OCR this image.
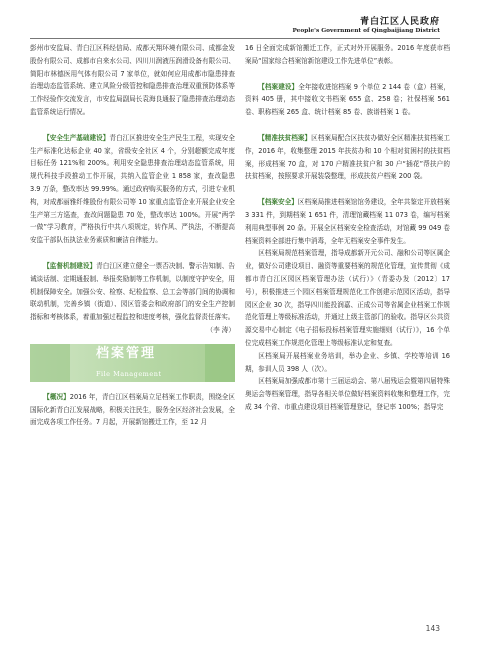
青白江区人民政府
People's Government of Qingbaijiang District

彭州市安监局、青白江区科经信局、成都天翔环境有限公司、成都金发股份有限公司、成都市自来水公司、四川川润液压润滑设备有限公司、简阳市林德医用气体有限公司 7 家单位，就如何应用成都市隐患排查治理动态监管系统、建立风险分级管控和隐患排查治理双重预防体系等工作经验作交流发言，市安监局副局长袁海良通报了隐患排查治理动态监管系统运行情况。

【安全生产基础建设】青白江区推进安全生产民生工程，实现安全生产标准化达标企业 40 家，省级安全社区 4 个，分别超额完成年度目标任务 121%和 200%。利用安全隐患排查治理动态监管系统，用规代科技手段推动工作开展，共纳入监管企业 1 858 家，查改隐患 3.9 万条，整改率达 99.99%。通过政府购买服务的方式，引进专业机构，对成都丽雅纤维股份有限公司等 10 家重点监管企业开展企业安全生产第三方巡查，查改问题隐患 70 处，整改率达 100%。开展“两学一做”学习教育，严格执行中共八项规定，转作风、严执法，不断提高安监干部队伍执法业务素质和廉洁自律能力。

【监督机制建设】青白江区建立健全一票否决制、警示告知制、告诫谈话制、定期通报制、举报奖励制等工作机制，以制度守护安全，用机制保障安全。加强公安、检察、纪检监察、总工会等部门间的协调和联动机制，完善乡镇（街道）、园区管委会和政府部门的安全生产控制指标和考核体系，着重加强过程监控和进度考核，强化监督责任落实。

（李 涛）

档案管理
File Management

【概况】2016 年，青白江区档案局立足档案工作职责，围绕全区国际化新青白江发展战略，积极关注民生，服务全区经济社会发展，全面完成各项工作任务。7 月起，开展新馆搬迁工作，至 12 月

16 日全面完成新馆搬迁工作，正式对外开展服务。2016 年度获市档案局“国家综合档案馆新馆建设工作先进单位”表彰。

【档案建设】全年接收进馆档案 9 个单位 2 144 卷（盒）档案，资料 405 册，其中接收文书档案 655 盒、258 卷；社保档案 561 卷、职称档案 265 盒、统计档案 85 卷、族谱档案 1 卷。

【精准扶贫档案】区档案局配合区扶贫办做好全区精准扶贫档案工作，2016 年，收集整理 2015 年扶贫办和 10 个相对贫困村的扶贫档案，形成档案 70 盒，对 170 户精准扶贫户和 30 户“插花”帮扶户的扶贫档案，按照要求开展装袋整理，形成扶贫户档案 200 袋。

【档案安全】区档案局推进档案馆馆务建设，全年共鉴定开放档案 3 331 件，到期档案 1 651 件，清理馆藏档案 11 073 卷，编写档案利用典型事例 20 条。开展全区档案安全检查活动，对馆藏 99 049 卷档案资料全部进行集中消毒，全年无档案安全事件发生。

区档案局规范档案管理，指导成都新开元公司、融和公司等区属企业，做好公司建设项目、融资等重要档案的规范化管理，宣传贯彻《成都市青白江区园区档案管理办法（试行）》（青委办发〔2012〕17 号），积极推进三个园区档案管理规范化工作创建示范园区活动，指导园区企业 30 次，指导四川能投润嘉、正成公司等省属企业档案工作规范化管理上等级标准活动，并通过上级主管部门的验收。指导区公共资源交易中心制定《电子招标投标档案管理实施细则（试行）》，16 个单位完成档案工作规范化管理上等级标准认定和复查。

区档案局开展档案业务培训，举办企业、乡镇、学校等培训 16 期，参训人员 398 人（次）。

区档案局加强成都市第十三届运动会、第八届残运会暨第四届特殊奥运会等档案管理，指导各相关单位做好档案资料收集和整理工作，完成 34 个省、市重点建设项目档案管理登记，登记率 100%；指导完

143
